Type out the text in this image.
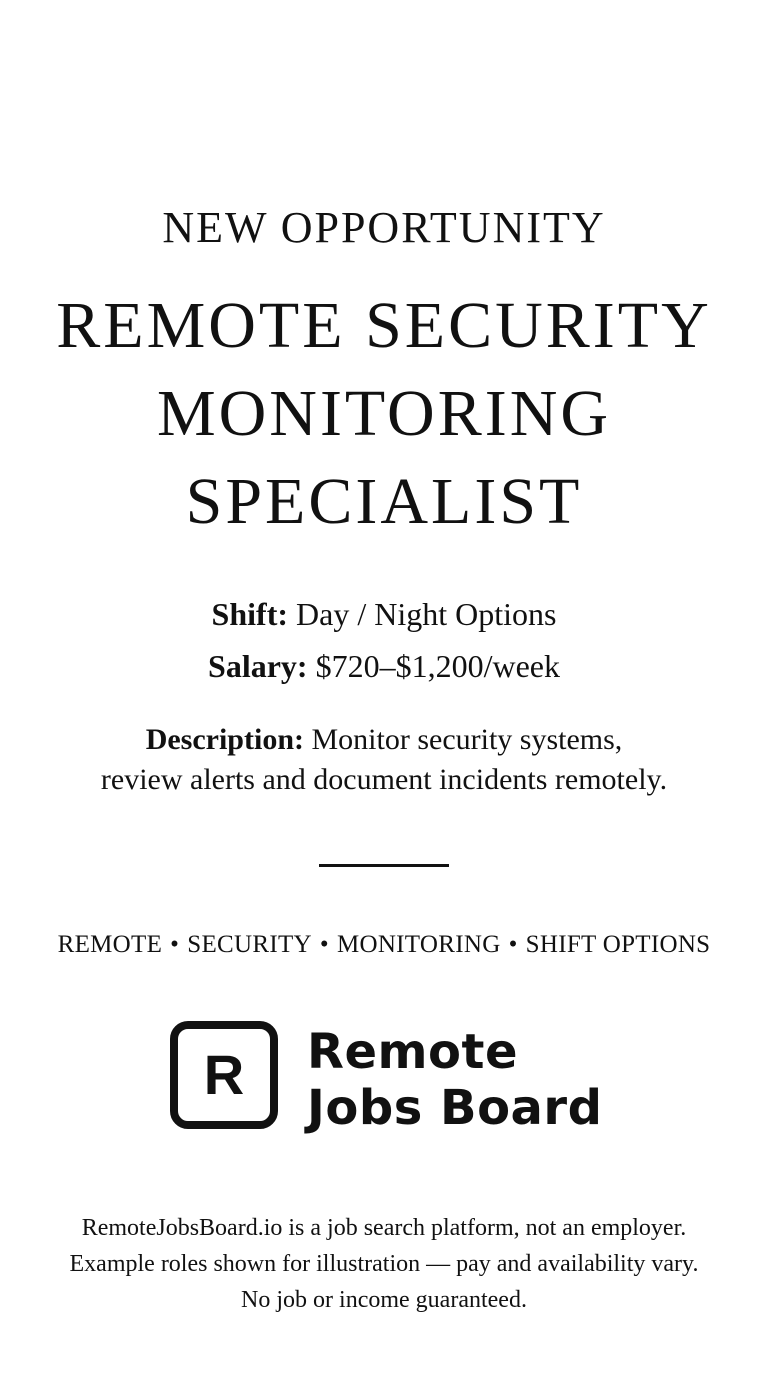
NEW OPPORTUNITY
REMOTE SECURITY
MONITORING
SPECIALIST
Shift: Day / Night Options
Salary: $720–$1,200/week
Description: Monitor security systems,
review alerts and document incidents remotely.
REMOTE • SECURITY • MONITORING • SHIFT OPTIONS
R	Remote
Jobs Board
RemoteJobsBoard.io is a job search platform, not an employer.
Example roles shown for illustration — pay and availability vary.
No job or income guaranteed.
